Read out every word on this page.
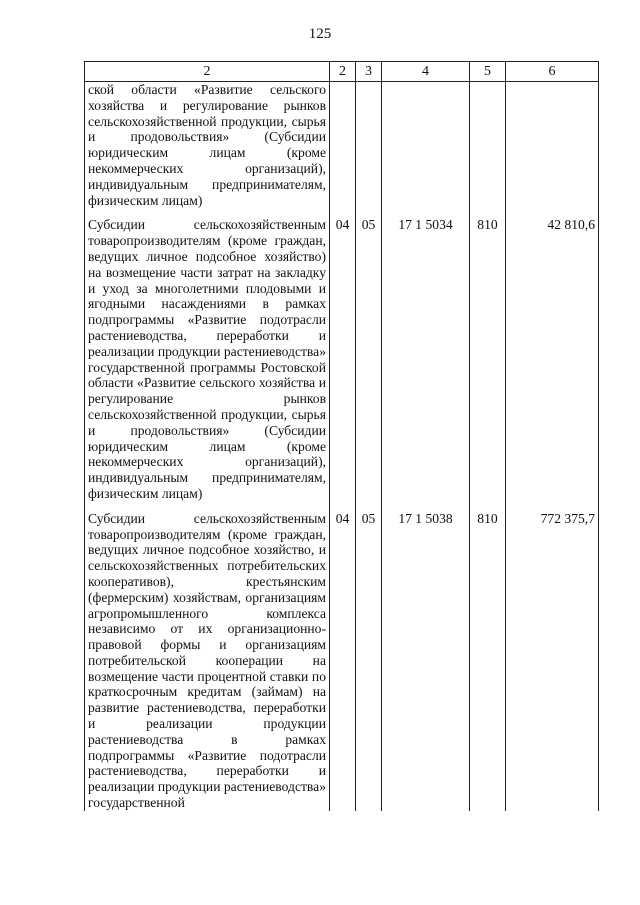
125
2	2	3	4	5	6
ской области «Развитие сельского хозяйства и регулирование рынков сельскохозяйственной продукции, сырья и продовольствия» (Субсидии юридическим лицам (кроме некоммерческих организаций), индивидуальным предпринимателям, физическим лицам)					

Субсидии сельскохозяйственным товаропроизводителям (кроме граждан, ведущих личное подсобное хозяйство) на возмещение части затрат на закладку и уход за многолетними плодовыми и ягодными насаждениями в рамках подпрограммы «Развитие подотрасли растениеводства, переработки и реализации продукции растениеводства» государственной программы Ростовской области «Развитие сельского хозяйства и регулирование рынков сельскохозяйственной продукции, сырья и продовольствия» (Субсидии юридическим лицам (кроме некоммерческих организаций), индивидуальным предпринимателям, физическим лицам)	04	05	17 1 5034	810	42 810,6

Субсидии сельскохозяйственным товаропроизводителям (кроме граждан, ведущих личное подсобное хозяйство, и сельскохозяйственных потребительских кооперативов), крестьянским (фермерским) хозяйствам, организациям агропромышленного комплекса независимо от их организационно-правовой формы и организациям потребительской кооперации на возмещение части процентной ставки по краткосрочным кредитам (займам) на развитие растениеводства, переработки и реализации продукции растениеводства в рамках подпрограммы «Развитие подотрасли растениеводства, переработки и реализации продукции растениеводства» государственной	04	05	17 1 5038	810	772 375,7
